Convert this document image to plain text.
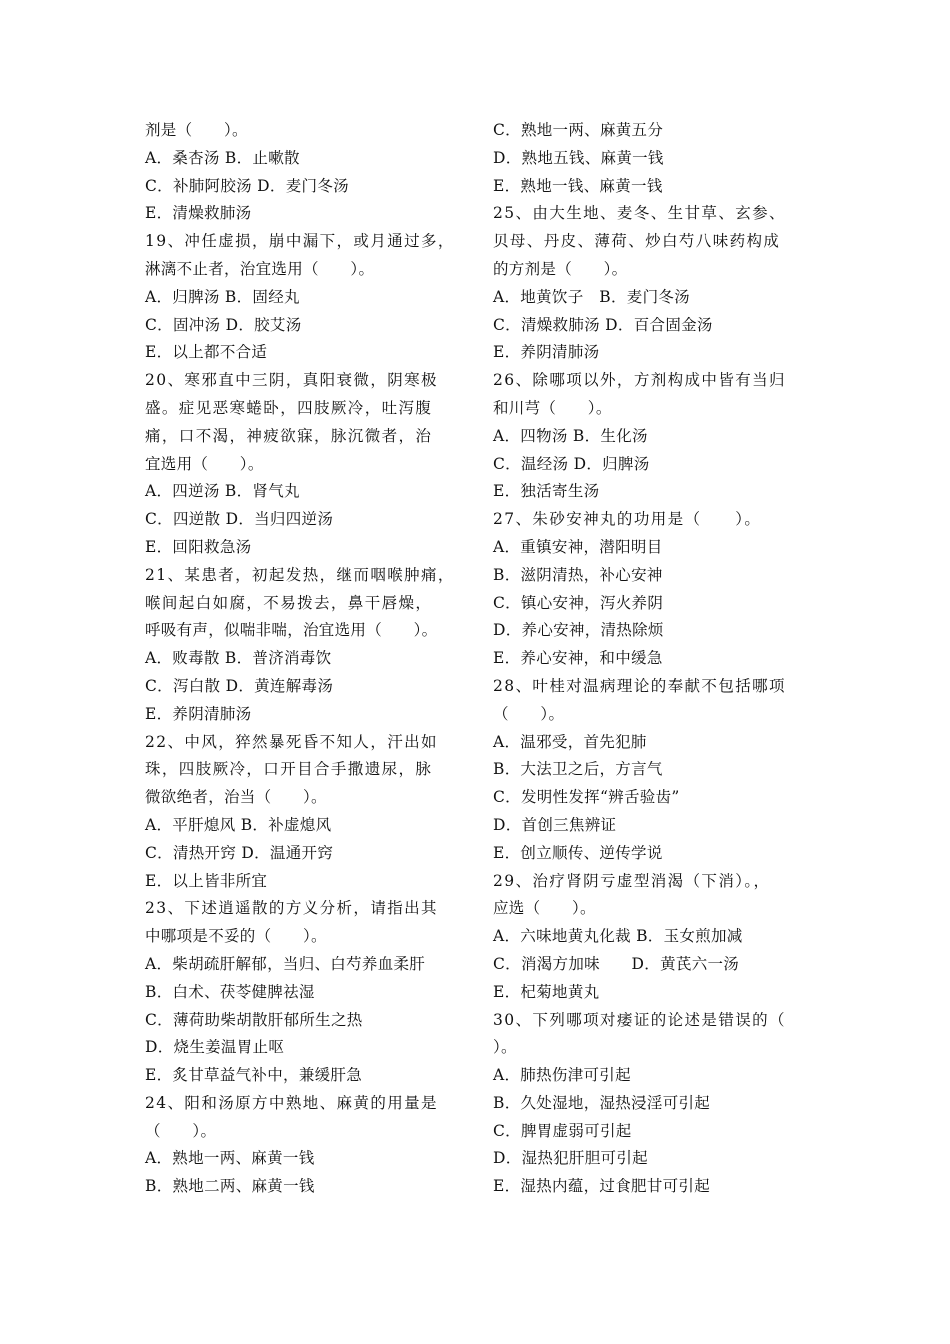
剂是（　　）。
A．桑杏汤 B．止嗽散
C．补肺阿胶汤 D．麦门冬汤
E．清燥救肺汤
19、冲任虚损，崩中漏下，或月通过多，
淋漓不止者，治宜选用（　　）。
A．归脾汤 B．固经丸
C．固冲汤 D．胶艾汤
E．以上都不合适
20、寒邪直中三阴，真阳衰微，阴寒极
盛。症见恶寒蜷卧，四肢厥冷，吐泻腹
痛，口不渴，神疲欲寐，脉沉微者，治
宜选用（　　）。
A．四逆汤 B．肾气丸
C．四逆散 D．当归四逆汤
E．回阳救急汤
21、某患者，初起发热，继而咽喉肿痛，
喉间起白如腐，不易拨去，鼻干唇燥，
呼吸有声，似喘非喘，治宜选用（　　）。
A．败毒散 B．普济消毒饮
C．泻白散 D．黄连解毒汤
E．养阴清肺汤
22、中风，猝然暴死昏不知人，汗出如
珠，四肢厥冷，口开目合手撒遗尿，脉
微欲绝者，治当（　　）。
A．平肝熄风 B．补虚熄风
C．清热开窍 D．温通开窍
E．以上皆非所宜
23、下述逍遥散的方义分析，请指出其
中哪项是不妥的（　　）。
A．柴胡疏肝解郁，当归、白芍养血柔肝
B．白术、茯苓健脾祛湿
C．薄荷助柴胡散肝郁所生之热
D．烧生姜温胃止呕
E．炙甘草益气补中，兼缓肝急
24、阳和汤原方中熟地、麻黄的用量是
（　　）。
A．熟地一两、麻黄一钱
B．熟地二两、麻黄一钱
C．熟地一两、麻黄五分
D．熟地五钱、麻黄一钱
E．熟地一钱、麻黄一钱
25、由大生地、麦冬、生甘草、玄参、
贝母、丹皮、薄荷、炒白芍八味药构成
的方剂是（　　）。
A．地黄饮子　B．麦门冬汤
C．清燥救肺汤 D．百合固金汤
E．养阴清肺汤
26、除哪项以外，方剂构成中皆有当归
和川芎（　　）。
A．四物汤 B．生化汤
C．温经汤 D．归脾汤
E．独活寄生汤
27、朱砂安神丸的功用是（　　）。
A．重镇安神，潜阳明目
B．滋阴清热，补心安神
C．镇心安神，泻火养阴
D．养心安神，清热除烦
E．养心安神，和中缓急
28、叶桂对温病理论的奉献不包括哪项
（　　）。
A．温邪受，首先犯肺
B．大法卫之后，方言气
C．发明性发挥“辨舌验齿”
D．首创三焦辨证
E．创立顺传、逆传学说
29、治疗肾阴亏虚型消渴（下消）。，
应选（　　）。
A．六味地黄丸化裁 B．玉女煎加减
C．消渴方加味　　D．黄芪六一汤
E．杞菊地黄丸
30、下列哪项对痿证的论述是错误的（
）。
A．肺热伤津可引起
B．久处湿地，湿热浸淫可引起
C．脾胃虚弱可引起
D．湿热犯肝胆可引起
E．湿热内蕴，过食肥甘可引起
